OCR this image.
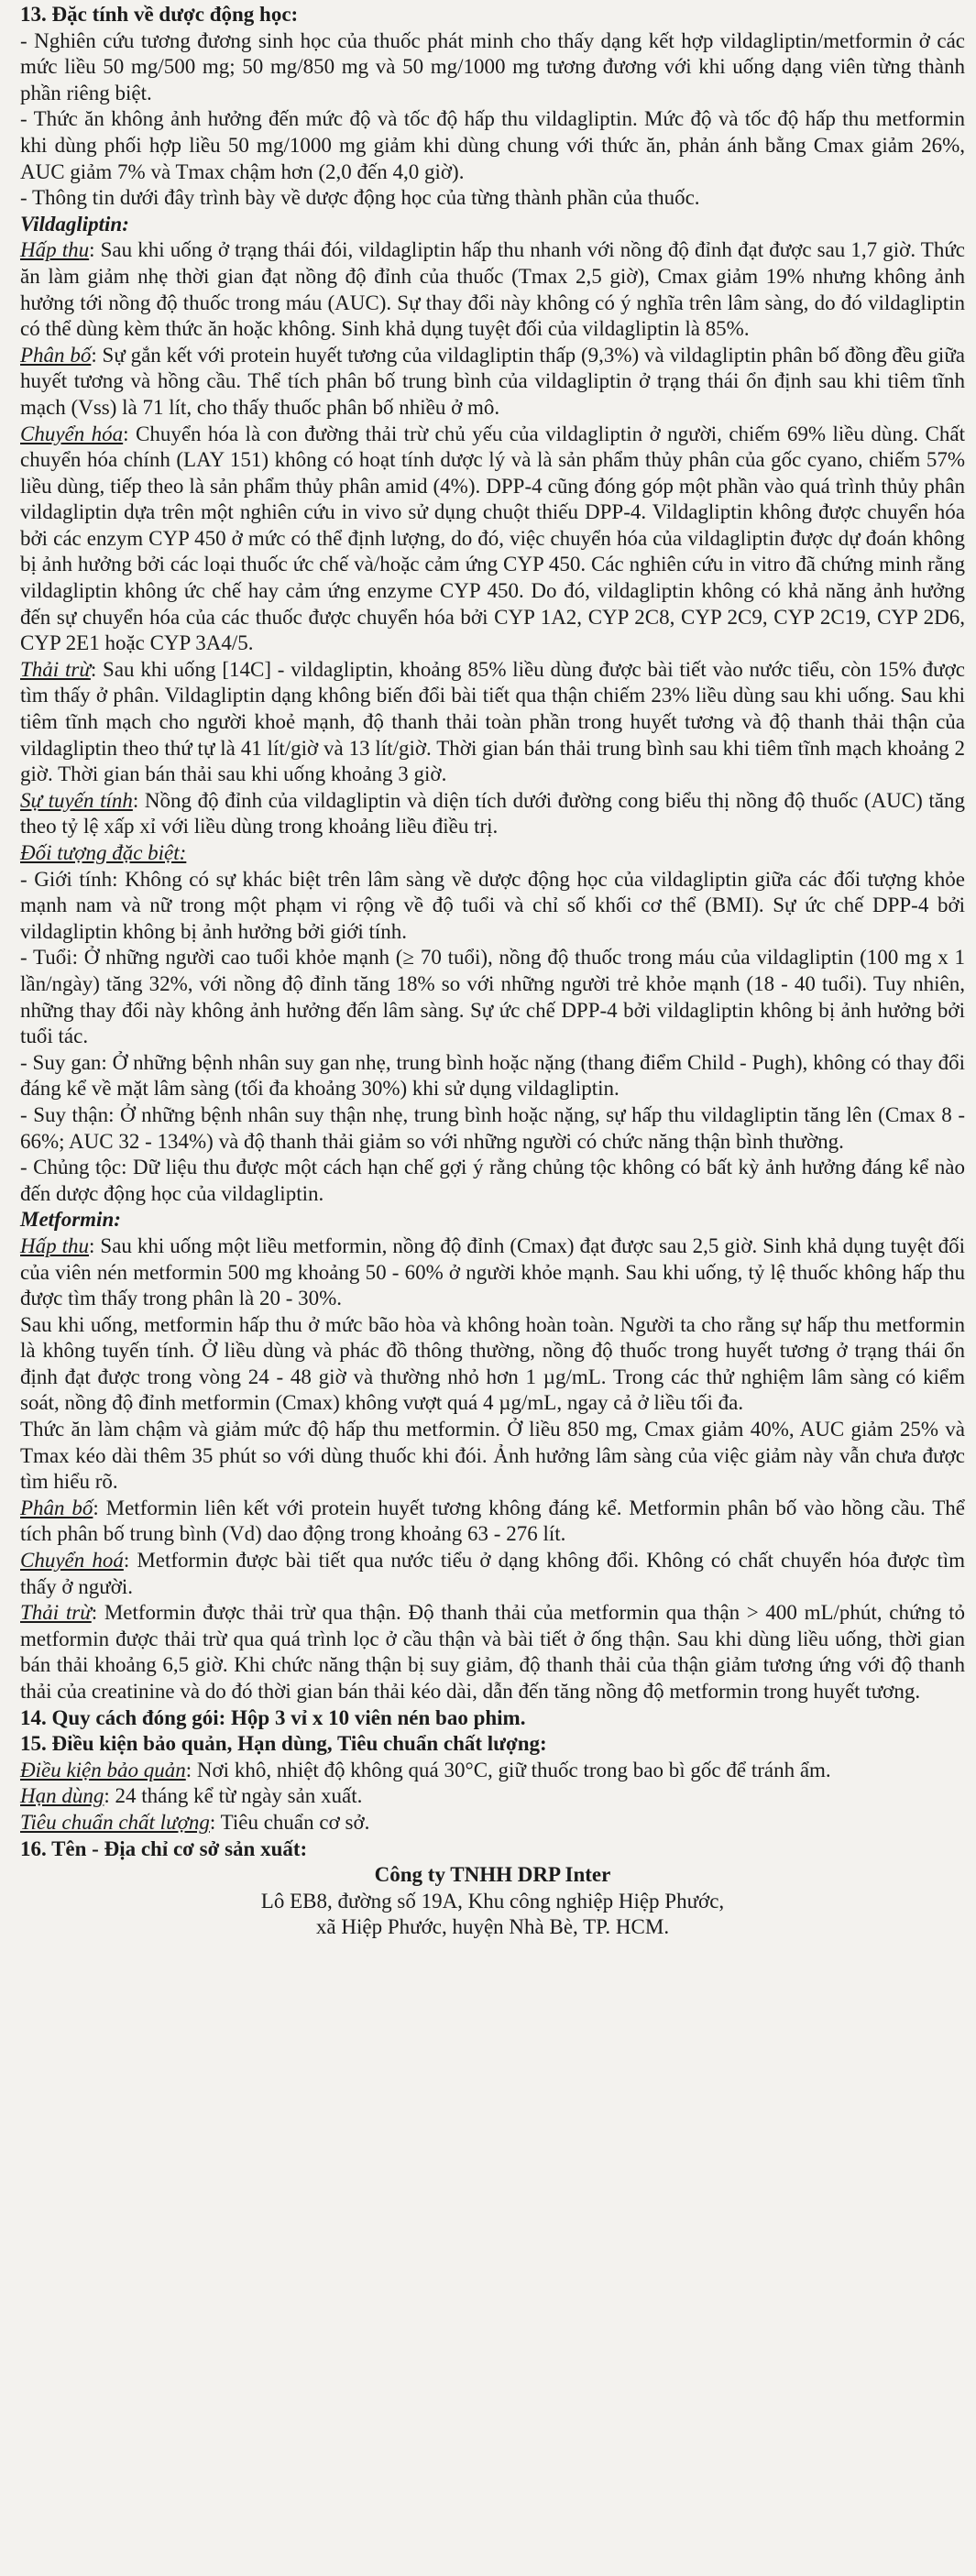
13. Đặc tính về dược động học:

- Nghiên cứu tương đương sinh học của thuốc phát minh cho thấy dạng kết hợp vildagliptin/metformin ở các mức liều 50 mg/500 mg; 50 mg/850 mg và 50 mg/1000 mg tương đương với khi uống dạng viên từng thành phần riêng biệt.

- Thức ăn không ảnh hưởng đến mức độ và tốc độ hấp thu vildagliptin. Mức độ và tốc độ hấp thu metformin khi dùng phối hợp liều 50 mg/1000 mg giảm khi dùng chung với thức ăn, phản ánh bằng Cmax giảm 26%, AUC giảm 7% và Tmax chậm hơn (2,0 đến 4,0 giờ).

- Thông tin dưới đây trình bày về dược động học của từng thành phần của thuốc.

Vildagliptin:

Hấp thu: Sau khi uống ở trạng thái đói, vildagliptin hấp thu nhanh với nồng độ đỉnh đạt được sau 1,7 giờ. Thức ăn làm giảm nhẹ thời gian đạt nồng độ đỉnh của thuốc (Tmax 2,5 giờ), Cmax giảm 19% nhưng không ảnh hưởng tới nồng độ thuốc trong máu (AUC). Sự thay đổi này không có ý nghĩa trên lâm sàng, do đó vildagliptin có thể dùng kèm thức ăn hoặc không. Sinh khả dụng tuyệt đối của vildagliptin là 85%.

Phân bố: Sự gắn kết với protein huyết tương của vildagliptin thấp (9,3%) và vildagliptin phân bố đồng đều giữa huyết tương và hồng cầu. Thể tích phân bố trung bình của vildagliptin ở trạng thái ổn định sau khi tiêm tĩnh mạch (Vss) là 71 lít, cho thấy thuốc phân bố nhiều ở mô.

Chuyển hóa: Chuyển hóa là con đường thải trừ chủ yếu của vildagliptin ở người, chiếm 69% liều dùng. Chất chuyển hóa chính (LAY 151) không có hoạt tính dược lý và là sản phẩm thủy phân của gốc cyano, chiếm 57% liều dùng, tiếp theo là sản phẩm thủy phân amid (4%). DPP-4 cũng đóng góp một phần vào quá trình thủy phân vildagliptin dựa trên một nghiên cứu in vivo sử dụng chuột thiếu DPP-4. Vildagliptin không được chuyển hóa bởi các enzym CYP 450 ở mức có thể định lượng, do đó, việc chuyển hóa của vildagliptin được dự đoán không bị ảnh hưởng bởi các loại thuốc ức chế và/hoặc cảm ứng CYP 450. Các nghiên cứu in vitro đã chứng minh rằng vildagliptin không ức chế hay cảm ứng enzyme CYP 450. Do đó, vildagliptin không có khả năng ảnh hưởng đến sự chuyển hóa của các thuốc được chuyển hóa bởi CYP 1A2, CYP 2C8, CYP 2C9, CYP 2C19, CYP 2D6, CYP 2E1 hoặc CYP 3A4/5.

Thải trừ: Sau khi uống [14C] - vildagliptin, khoảng 85% liều dùng được bài tiết vào nước tiểu, còn 15% được tìm thấy ở phân. Vildagliptin dạng không biến đổi bài tiết qua thận chiếm 23% liều dùng sau khi uống. Sau khi tiêm tĩnh mạch cho người khoẻ mạnh, độ thanh thải toàn phần trong huyết tương và độ thanh thải thận của vildagliptin theo thứ tự là 41 lít/giờ và 13 lít/giờ. Thời gian bán thải trung bình sau khi tiêm tĩnh mạch khoảng 2 giờ. Thời gian bán thải sau khi uống khoảng 3 giờ.

Sự tuyến tính: Nồng độ đỉnh của vildagliptin và diện tích dưới đường cong biểu thị nồng độ thuốc (AUC) tăng theo tỷ lệ xấp xỉ với liều dùng trong khoảng liều điều trị.

Đối tượng đặc biệt:

- Giới tính: Không có sự khác biệt trên lâm sàng về dược động học của vildagliptin giữa các đối tượng khỏe mạnh nam và nữ trong một phạm vi rộng về độ tuổi và chỉ số khối cơ thể (BMI). Sự ức chế DPP-4 bởi vildagliptin không bị ảnh hưởng bởi giới tính.

- Tuổi: Ở những người cao tuổi khỏe mạnh (≥ 70 tuổi), nồng độ thuốc trong máu của vildagliptin (100 mg x 1 lần/ngày) tăng 32%, với nồng độ đỉnh tăng 18% so với những người trẻ khỏe mạnh (18 - 40 tuổi). Tuy nhiên, những thay đổi này không ảnh hưởng đến lâm sàng. Sự ức chế DPP-4 bởi vildagliptin không bị ảnh hưởng bởi tuổi tác.

- Suy gan: Ở những bệnh nhân suy gan nhẹ, trung bình hoặc nặng (thang điểm Child - Pugh), không có thay đổi đáng kể về mặt lâm sàng (tối đa khoảng 30%) khi sử dụng vildagliptin.

- Suy thận: Ở những bệnh nhân suy thận nhẹ, trung bình hoặc nặng, sự hấp thu vildagliptin tăng lên (Cmax 8 - 66%; AUC 32 - 134%) và độ thanh thải giảm so với những người có chức năng thận bình thường.

- Chủng tộc: Dữ liệu thu được một cách hạn chế gợi ý rằng chủng tộc không có bất kỳ ảnh hưởng đáng kể nào đến dược động học của vildagliptin.

Metformin:

Hấp thu: Sau khi uống một liều metformin, nồng độ đỉnh (Cmax) đạt được sau 2,5 giờ. Sinh khả dụng tuyệt đối của viên nén metformin 500 mg khoảng 50 - 60% ở người khỏe mạnh. Sau khi uống, tỷ lệ thuốc không hấp thu được tìm thấy trong phân là 20 - 30%.

Sau khi uống, metformin hấp thu ở mức bão hòa và không hoàn toàn. Người ta cho rằng sự hấp thu metformin là không tuyến tính. Ở liều dùng và phác đồ thông thường, nồng độ thuốc trong huyết tương ở trạng thái ổn định đạt được trong vòng 24 - 48 giờ và thường nhỏ hơn 1 µg/mL. Trong các thử nghiệm lâm sàng có kiểm soát, nồng độ đỉnh metformin (Cmax) không vượt quá 4 µg/mL, ngay cả ở liều tối đa.

Thức ăn làm chậm và giảm mức độ hấp thu metformin. Ở liều 850 mg, Cmax giảm 40%, AUC giảm 25% và Tmax kéo dài thêm 35 phút so với dùng thuốc khi đói. Ảnh hưởng lâm sàng của việc giảm này vẫn chưa được tìm hiểu rõ.

Phân bố: Metformin liên kết với protein huyết tương không đáng kể. Metformin phân bố vào hồng cầu. Thể tích phân bố trung bình (Vd) dao động trong khoảng 63 - 276 lít.

Chuyển hoá: Metformin được bài tiết qua nước tiểu ở dạng không đổi. Không có chất chuyển hóa được tìm thấy ở người.

Thải trừ: Metformin được thải trừ qua thận. Độ thanh thải của metformin qua thận > 400 mL/phút, chứng tỏ metformin được thải trừ qua quá trình lọc ở cầu thận và bài tiết ở ống thận. Sau khi dùng liều uống, thời gian bán thải khoảng 6,5 giờ. Khi chức năng thận bị suy giảm, độ thanh thải của thận giảm tương ứng với độ thanh thải của creatinine và do đó thời gian bán thải kéo dài, dẫn đến tăng nồng độ metformin trong huyết tương.

14. Quy cách đóng gói: Hộp 3 vỉ x 10 viên nén bao phim.

15. Điều kiện bảo quản, Hạn dùng, Tiêu chuẩn chất lượng:

Điều kiện bảo quản: Nơi khô, nhiệt độ không quá 30°C, giữ thuốc trong bao bì gốc để tránh ẩm.

Hạn dùng: 24 tháng kể từ ngày sản xuất.

Tiêu chuẩn chất lượng: Tiêu chuẩn cơ sở.

16. Tên - Địa chỉ cơ sở sản xuất:

Công ty TNHH DRP Inter

Lô EB8, đường số 19A, Khu công nghiệp Hiệp Phước,

xã Hiệp Phước, huyện Nhà Bè, TP. HCM.
